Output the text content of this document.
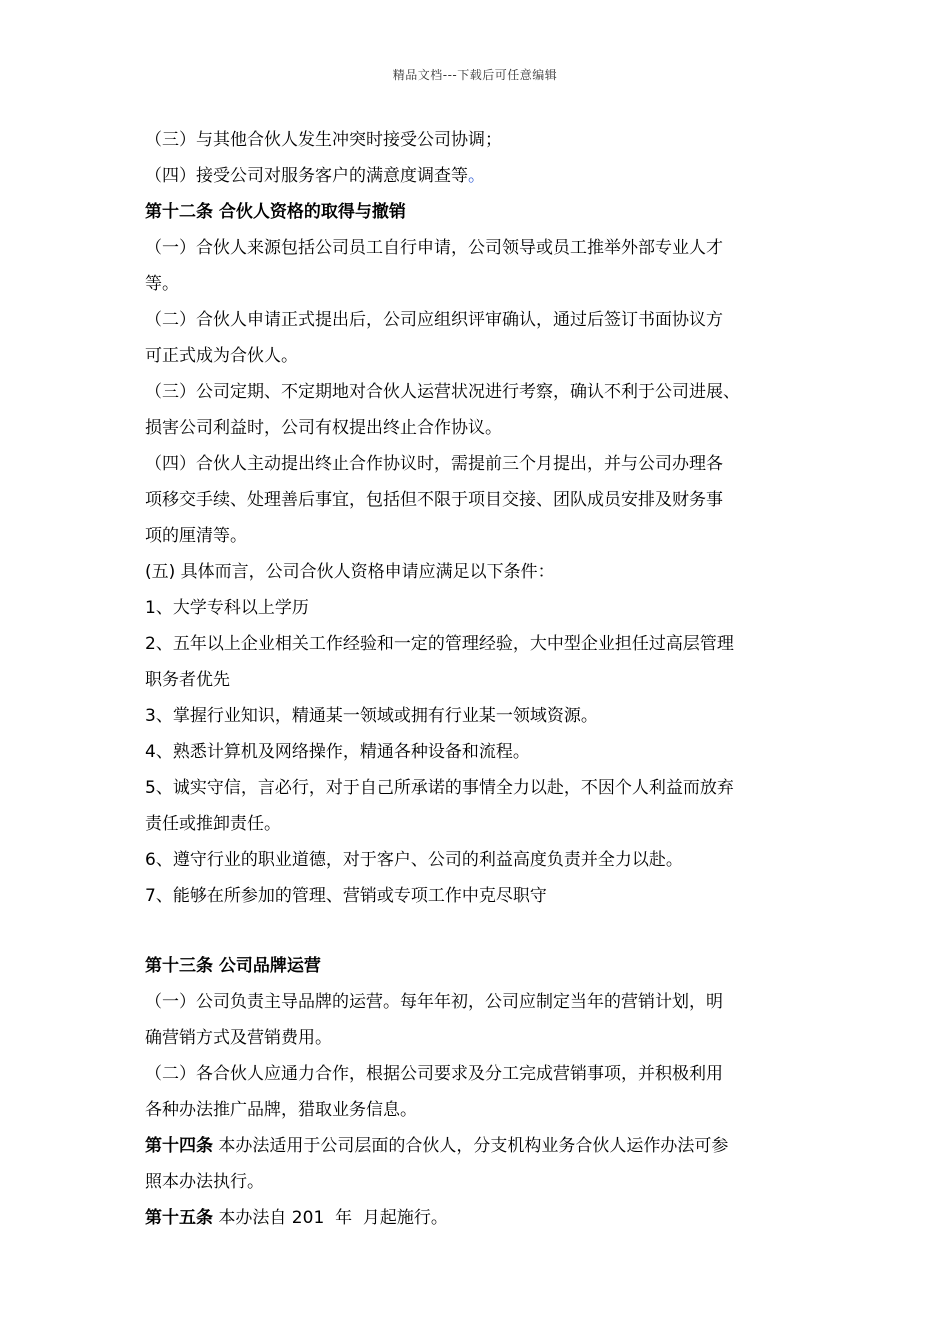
精品文档---下载后可任意编辑
（三）与其他合伙人发生冲突时接受公司协调；
（四）接受公司对服务客户的满意度调查等。
第十二条 合伙人资格的取得与撤销
（一）合伙人来源包括公司员工自行申请，公司领导或员工推举外部专业人才
等。
（二）合伙人申请正式提出后，公司应组织评审确认，通过后签订书面协议方
可正式成为合伙人。
（三）公司定期、不定期地对合伙人运营状况进行考察，确认不利于公司进展、
损害公司利益时，公司有权提出终止合作协议。
（四）合伙人主动提出终止合作协议时，需提前三个月提出，并与公司办理各
项移交手续、处理善后事宜，包括但不限于项目交接、团队成员安排及财务事
项的厘清等。
(五) 具体而言，公司合伙人资格申请应满足以下条件：
1、大学专科以上学历
2、五年以上企业相关工作经验和一定的管理经验，大中型企业担任过高层管理
职务者优先
3、掌握行业知识，精通某一领域或拥有行业某一领域资源。
4、熟悉计算机及网络操作，精通各种设备和流程。
5、诚实守信，言必行，对于自己所承诺的事情全力以赴，不因个人利益而放弃
责任或推卸责任。
6、遵守行业的职业道德，对于客户、公司的利益高度负责并全力以赴。
7、能够在所参加的管理、营销或专项工作中克尽职守
第十三条 公司品牌运营
（一）公司负责主导品牌的运营。每年年初，公司应制定当年的营销计划，明
确营销方式及营销费用。
（二）各合伙人应通力合作，根据公司要求及分工完成营销事项，并积极利用
各种办法推广品牌，猎取业务信息。
第十四条 本办法适用于公司层面的合伙人，分支机构业务合伙人运作办法可参
照本办法执行。
第十五条 本办法自 201  年  月起施行。
